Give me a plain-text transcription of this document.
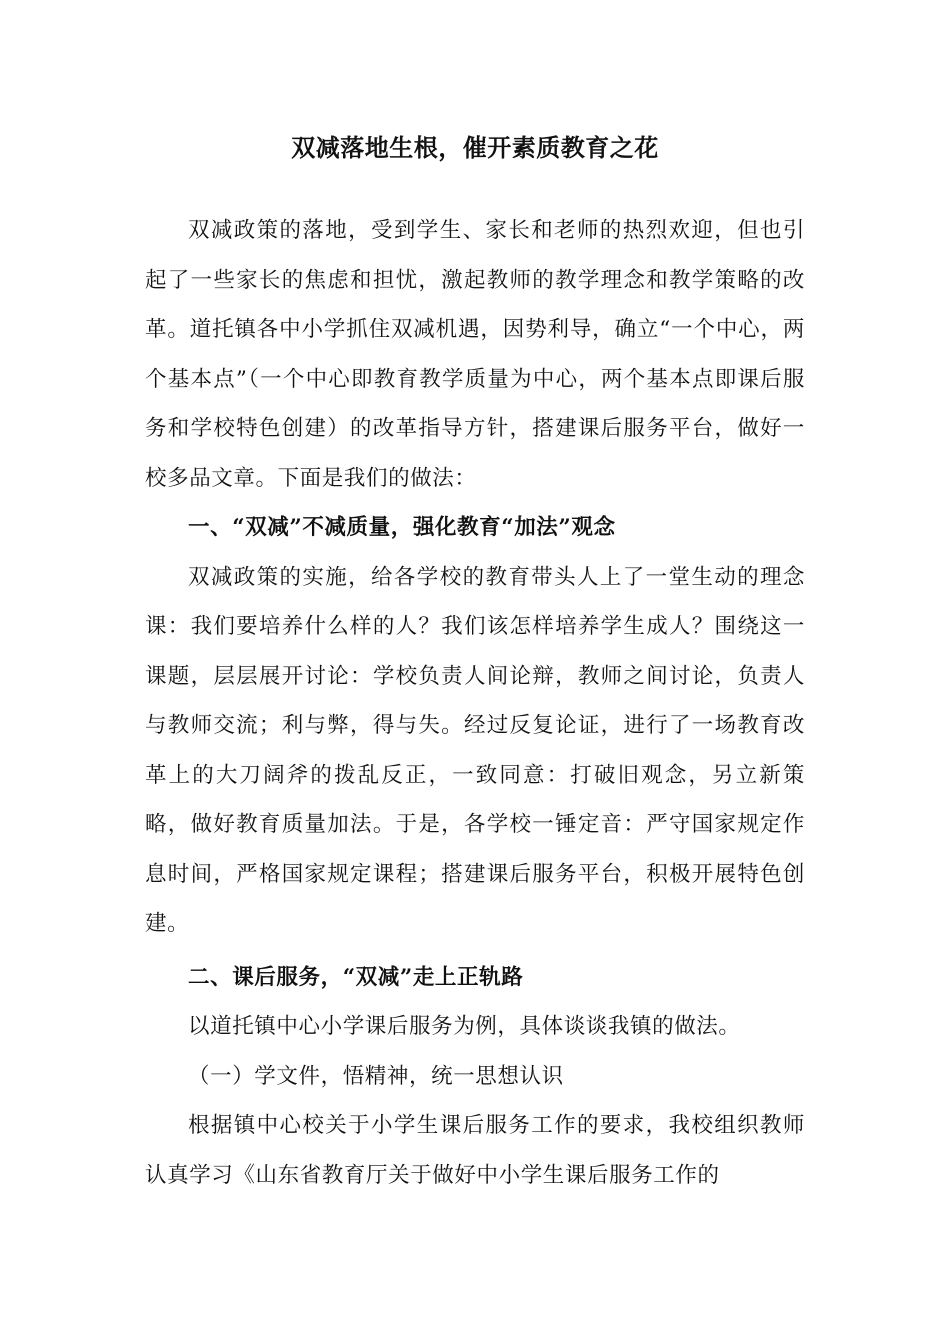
双减落地生根，催开素质教育之花

双减政策的落地，受到学生、家长和老师的热烈欢迎，但也引起了一些家长的焦虑和担忧，激起教师的教学理念和教学策略的改革。道托镇各中小学抓住双减机遇，因势利导，确立“一个中心，两个基本点”（一个中心即教育教学质量为中心，两个基本点即课后服务和学校特色创建）的改革指导方针，搭建课后服务平台，做好一校多品文章。下面是我们的做法：

一、“双减”不减质量，强化教育“加法”观念

双减政策的实施，给各学校的教育带头人上了一堂生动的理念课：我们要培养什么样的人？我们该怎样培养学生成人？围绕这一课题，层层展开讨论：学校负责人间论辩，教师之间讨论，负责人与教师交流；利与弊，得与失。经过反复论证，进行了一场教育改革上的大刀阔斧的拨乱反正，一致同意：打破旧观念，另立新策略，做好教育质量加法。于是，各学校一锤定音：严守国家规定作息时间，严格国家规定课程；搭建课后服务平台，积极开展特色创建。

二、课后服务，“双减”走上正轨路

以道托镇中心小学课后服务为例，具体谈谈我镇的做法。

（一）学文件，悟精神，统一思想认识

根据镇中心校关于小学生课后服务工作的要求，我校组织教师认真学习《山东省教育厅关于做好中小学生课后服务工作的
